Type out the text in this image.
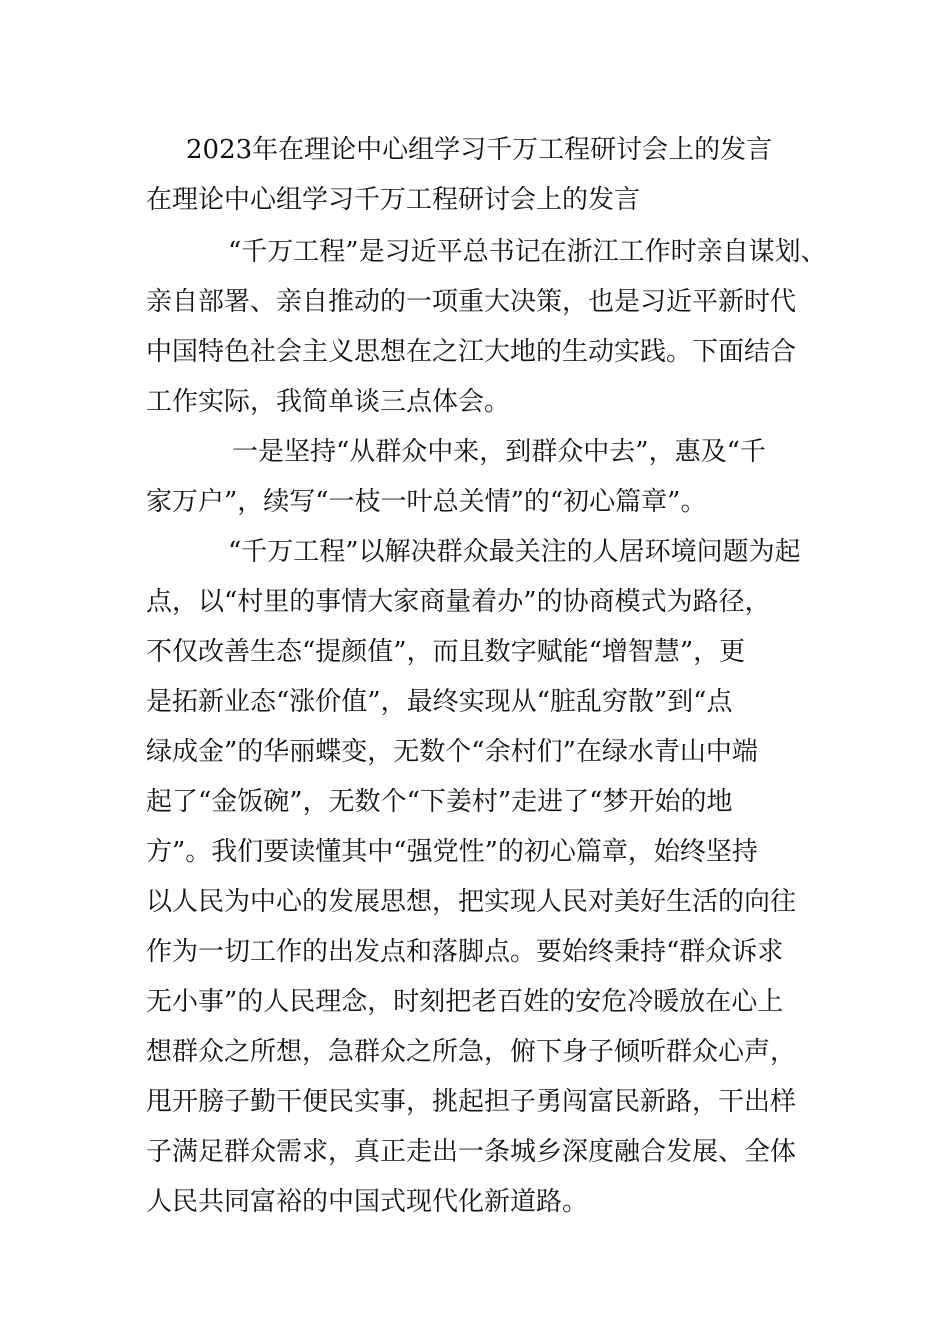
2023年在理论中心组学习千万工程研讨会上的发言
在理论中心组学习千万工程研讨会上的发言
“千万工程”是习近平总书记在浙江工作时亲自谋划、
亲自部署、亲自推动的一项重大决策，也是习近平新时代
中国特色社会主义思想在之江大地的生动实践。下面结合
工作实际，我简单谈三点体会。
一是坚持“从群众中来，到群众中去”，惠及“千
家万户”，续写“一枝一叶总关情”的“初心篇章”。
“千万工程”以解决群众最关注的人居环境问题为起
点，以“村里的事情大家商量着办”的协商模式为路径，
不仅改善生态“提颜值”，而且数字赋能“增智慧”，更
是拓新业态“涨价值”，最终实现从“脏乱穷散”到“点
绿成金”的华丽蝶变，无数个“余村们”在绿水青山中端
起了“金饭碗”，无数个“下姜村”走进了“梦开始的地
方”。我们要读懂其中“强党性”的初心篇章，始终坚持
以人民为中心的发展思想，把实现人民对美好生活的向往
作为一切工作的出发点和落脚点。要始终秉持“群众诉求
无小事”的人民理念，时刻把老百姓的安危冷暖放在心上
想群众之所想，急群众之所急，俯下身子倾听群众心声，
甩开膀子勤干便民实事，挑起担子勇闯富民新路，干出样
子满足群众需求，真正走出一条城乡深度融合发展、全体
人民共同富裕的中国式现代化新道路。
